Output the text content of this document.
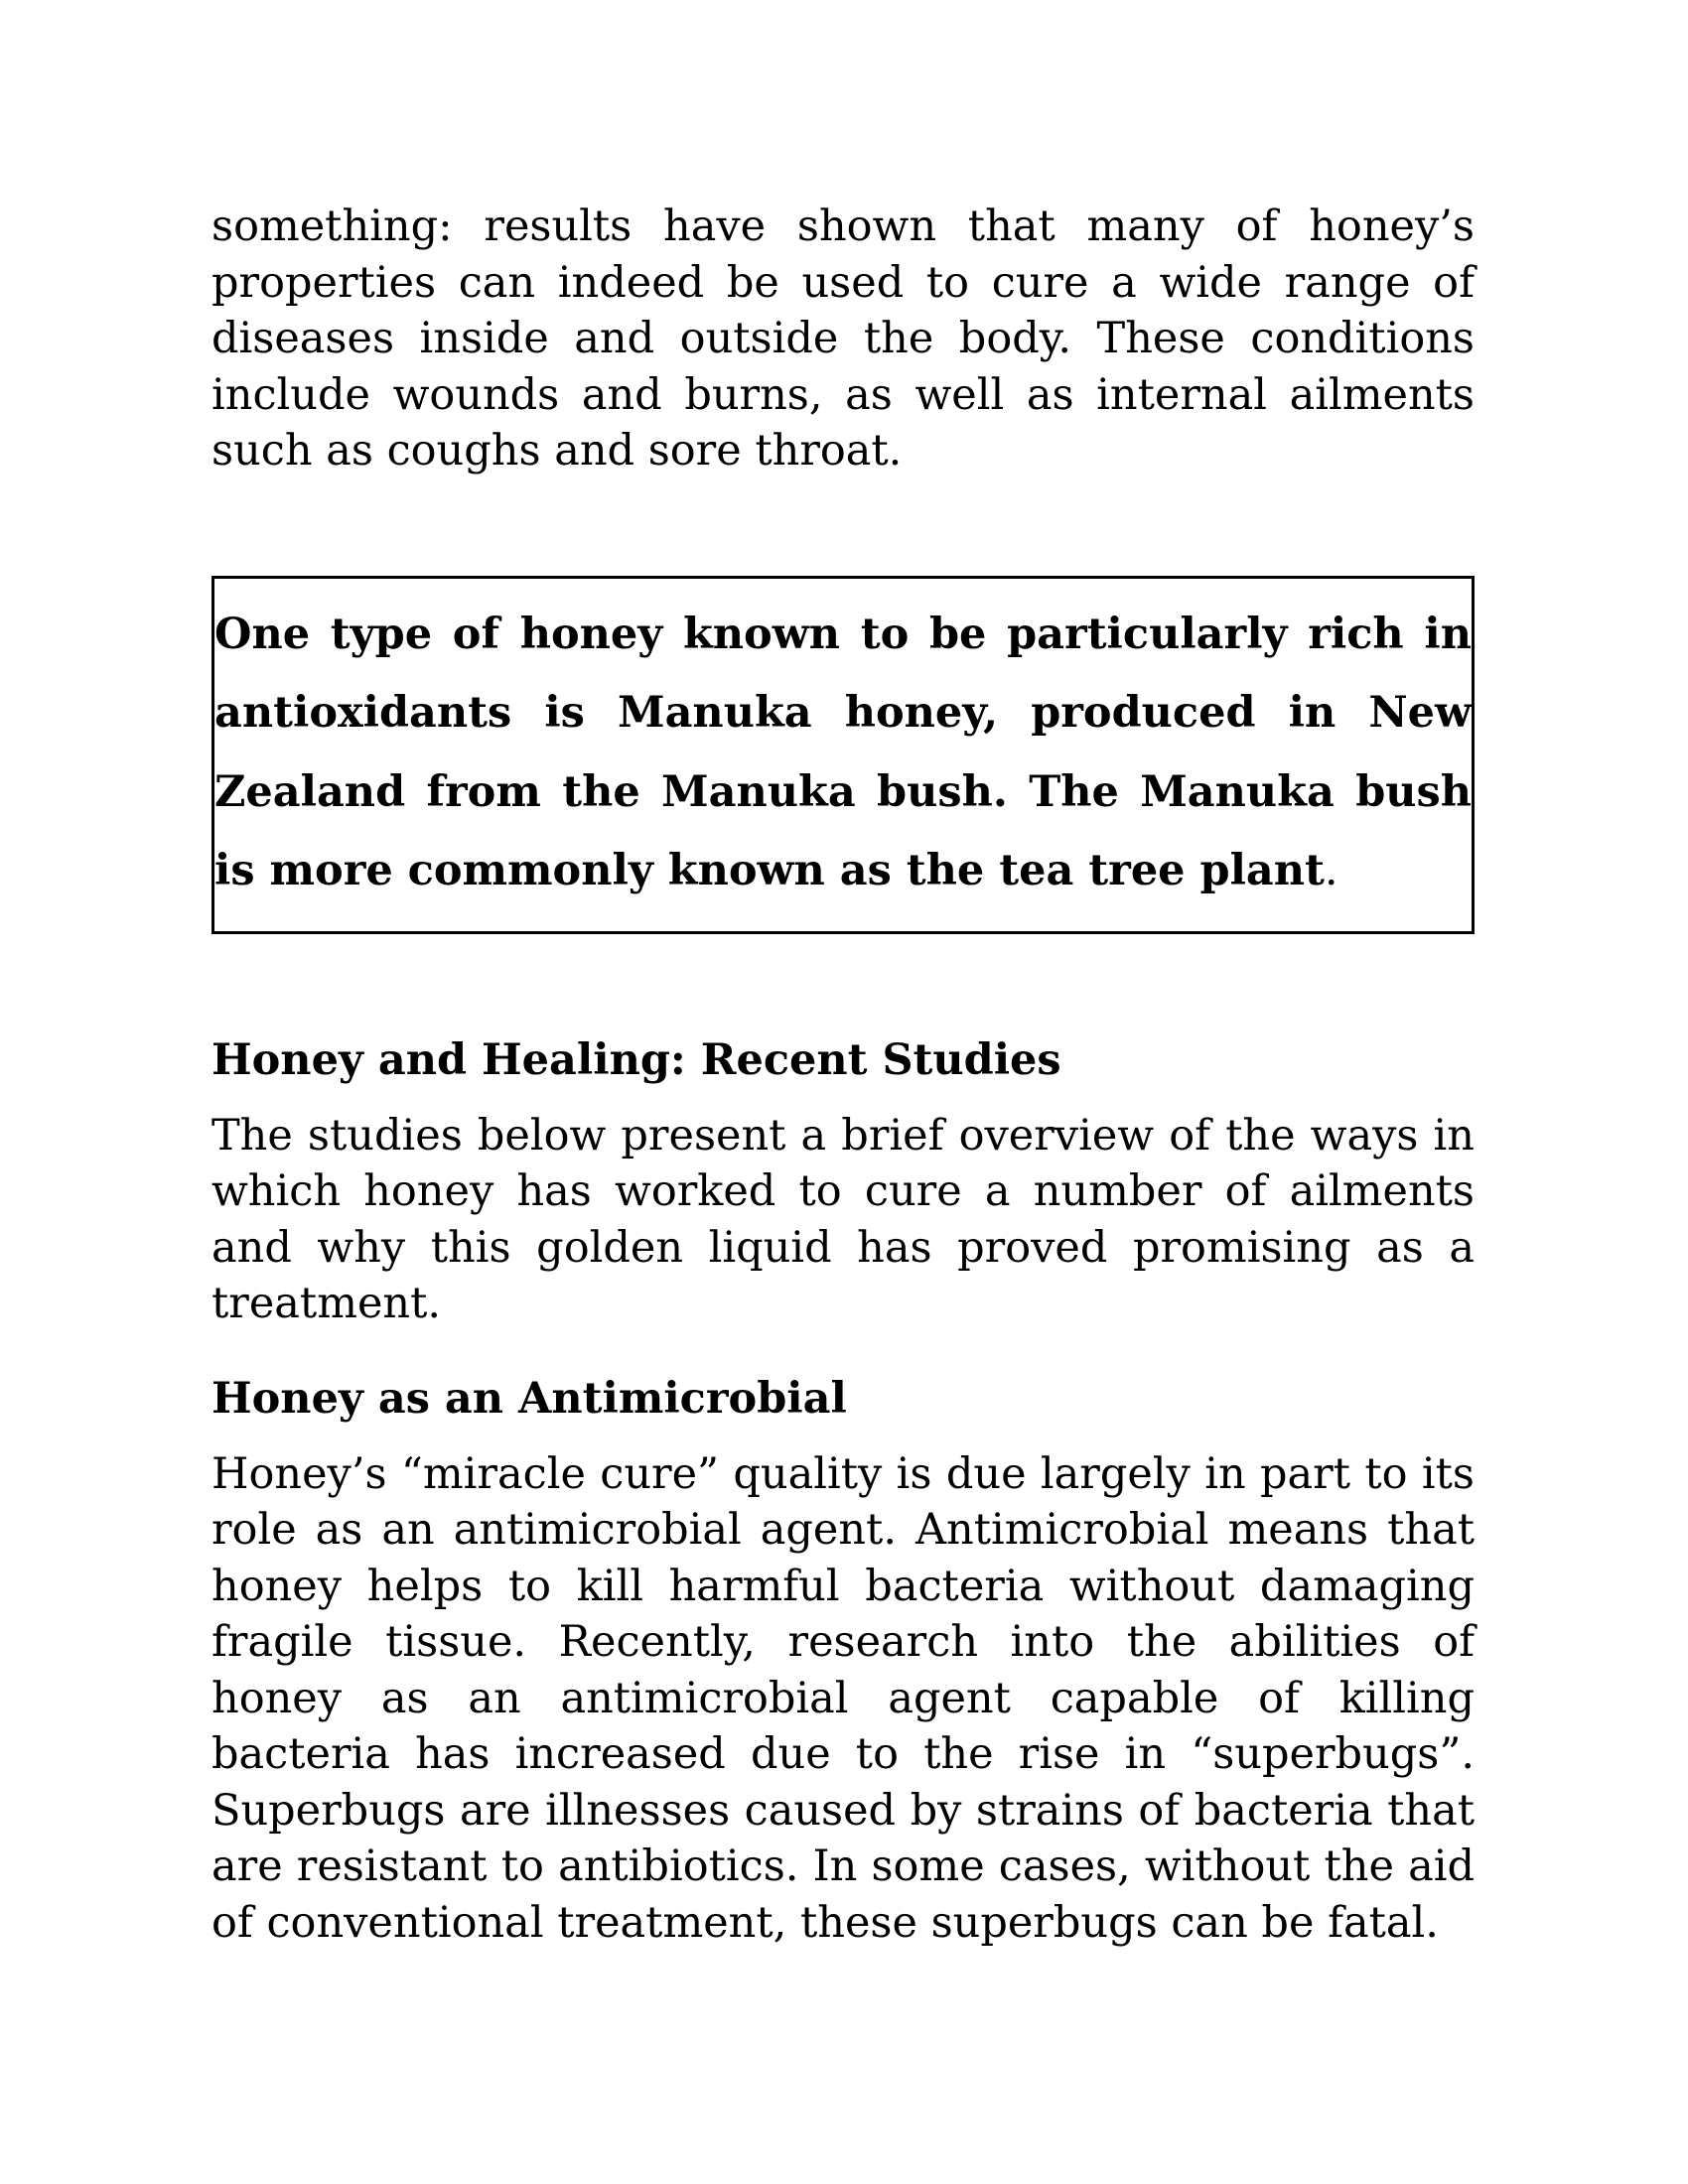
something: results have shown that many of honey’s properties can indeed be used to cure a wide range of diseases inside and outside the body. These conditions include wounds and burns, as well as internal ailments such as coughs and sore throat.

One type of honey known to be particularly rich in antioxidants is Manuka honey, produced in New Zealand from the Manuka bush. The Manuka bush is more commonly known as the tea tree plant.

Honey and Healing: Recent Studies

The studies below present a brief overview of the ways in which honey has worked to cure a number of ailments and why this golden liquid has proved promising as a treatment.

Honey as an Antimicrobial

Honey’s “miracle cure” quality is due largely in part to its role as an antimicrobial agent. Antimicrobial means that honey helps to kill harmful bacteria without damaging fragile tissue. Recently, research into the abilities of honey as an antimicrobial agent capable of killing bacteria has increased due to the rise in “superbugs”. Superbugs are illnesses caused by strains of bacteria that are resistant to antibiotics. In some cases, without the aid of conventional treatment, these superbugs can be fatal.
